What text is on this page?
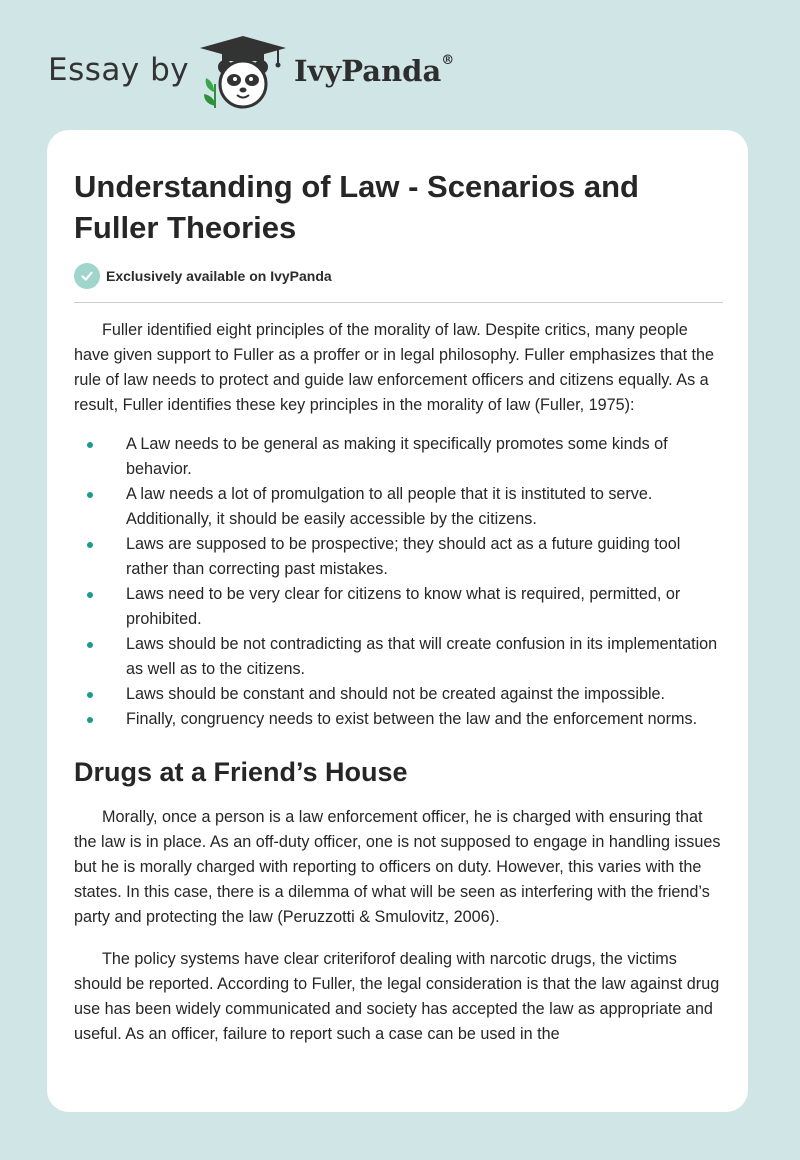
Essay by	IvyPanda®
Understanding of Law - Scenarios and Fuller Theories
Exclusively available on IvyPanda

Fuller identified eight principles of the morality of law. Despite critics, many people have given support to Fuller as a proffer or in legal philosophy. Fuller emphasizes that the rule of law needs to protect and guide law enforcement officers and citizens equally. As a result, Fuller identifies these key principles in the morality of law (Fuller, 1975):

A Law needs to be general as making it specifically promotes some kinds of behavior.
A law needs a lot of promulgation to all people that it is instituted to serve. Additionally, it should be easily accessible by the citizens.
Laws are supposed to be prospective; they should act as a future guiding tool rather than correcting past mistakes.
Laws need to be very clear for citizens to know what is required, permitted, or prohibited.
Laws should be not contradicting as that will create confusion in its implementation as well as to the citizens.
Laws should be constant and should not be created against the impossible.
Finally, congruency needs to exist between the law and the enforcement norms.
Drugs at a Friend’s House

Morally, once a person is a law enforcement officer, he is charged with ensuring that the law is in place. As an off-duty officer, one is not supposed to engage in handling issues but he is morally charged with reporting to officers on duty. However, this varies with the states. In this case, there is a dilemma of what will be seen as interfering with the friend’s party and protecting the law (Peruzzotti & Smulovitz, 2006).

The policy systems have clear criteriforof dealing with narcotic drugs, the victims should be reported. According to Fuller, the legal consideration is that the law against drug use has been widely communicated and society has accepted the law as appropriate and useful. As an officer, failure to report such a case can be used in the
